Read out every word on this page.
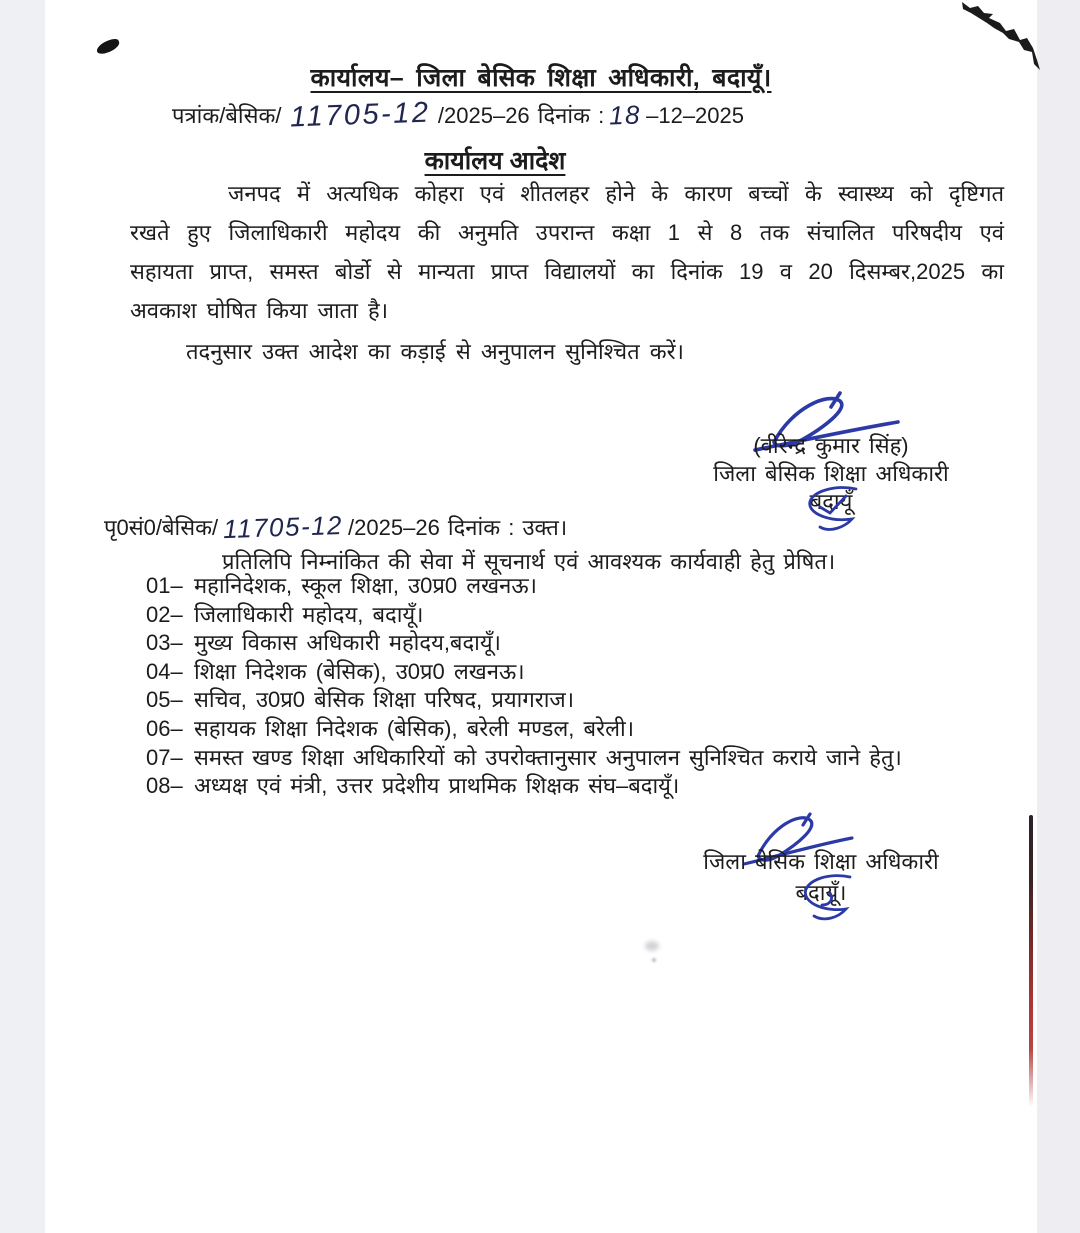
कार्यालय– जिला बेसिक शिक्षा अधिकारी, बदायूँ।
पत्रांक/बेसिक/ 11705-12 /2025–26 दिनांक : 18 –12–2025
कार्यालय आदेश
जनपद में अत्यधिक कोहरा एवं शीतलहर होने के कारण बच्चों के स्वास्थ्य को दृष्टिगत
रखते हुए जिलाधिकारी महोदय की अनुमति उपरान्त कक्षा 1 से 8 तक संचालित परिषदीय एवं
सहायता प्राप्त, समस्त बोर्डो से मान्यता प्राप्त विद्यालयों का दिनांक 19 व 20 दिसम्बर,2025 का
अवकाश घोषित किया जाता है।
तदनुसार उक्त आदेश का कड़ाई से अनुपालन सुनिश्चित करें।
(वीरेन्द्र कुमार सिंह)
जिला बेसिक शिक्षा अधिकारी
बदायूँ
पृ0सं0/बेसिक/ 11705-12 /2025–26 दिनांक : उक्त।
प्रतिलिपि निम्नांकित की सेवा में सूचनार्थ एवं आवश्यक कार्यवाही हेतु प्रेषित।
01– महानिदेशक, स्कूल शिक्षा, उ0प्र0 लखनऊ।
02– जिलाधिकारी महोदय, बदायूँ।
03– मुख्य विकास अधिकारी महोदय,बदायूँ।
04– शिक्षा निदेशक (बेसिक), उ0प्र0 लखनऊ।
05– सचिव, उ0प्र0 बेसिक शिक्षा परिषद, प्रयागराज।
06– सहायक शिक्षा निदेशक (बेसिक), बरेली मण्डल, बरेली।
07– समस्त खण्ड शिक्षा अधिकारियों को उपरोक्तानुसार अनुपालन सुनिश्चित कराये जाने हेतु।
08– अध्यक्ष एवं मंत्री, उत्तर प्रदेशीय प्राथमिक शिक्षक संघ–बदायूँ।
जिला बेसिक शिक्षा अधिकारी
बदायूँ।
